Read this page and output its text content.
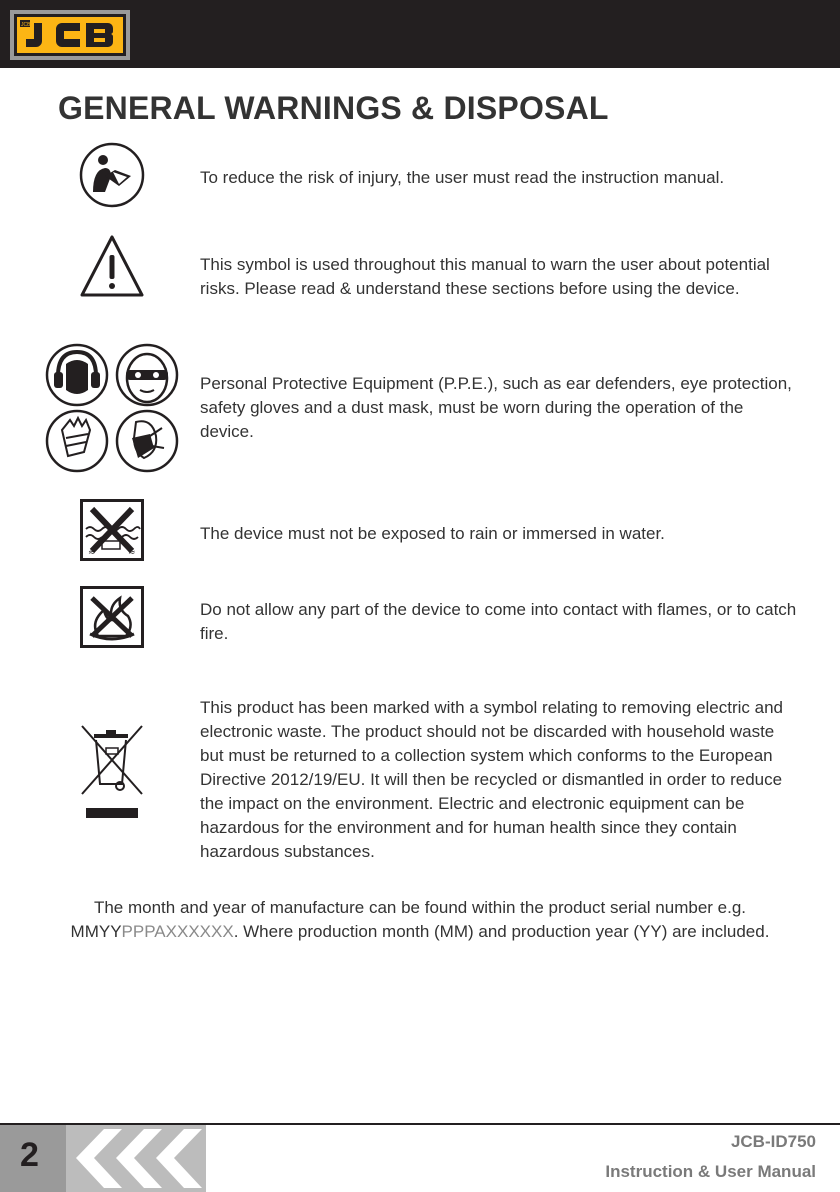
JCB
GENERAL WARNINGS & DISPOSAL

To reduce the risk of injury, the user must read the instruction manual.

This symbol is used throughout this manual to warn the user about potential risks. Please read & understand these sections before using the device.

Personal Protective Equipment (P.P.E.), such as ear defenders, eye protection, safety gloves and a dust mask, must be worn during the operation of the device.

≈	≈

The device must not be exposed to rain or immersed in water.

Do not allow any part of the device to come into contact with flames, or to catch fire.

This product has been marked with a symbol relating to removing electric and electronic waste. The product should not be discarded with household waste but must be returned to a collection system which conforms to the European Directive 2012/19/EU. It will then be recycled or dismantled in order to reduce the impact on the environment. Electric and electronic equipment can be hazardous for the environment and for human health since they contain hazardous substances.

The month and year of manufacture can be found within the product serial number e.g.
MMYYPPPAXXXXXX. Where production month (MM) and production year (YY) are included.

2	JCB-ID750
Instruction & User Manual
